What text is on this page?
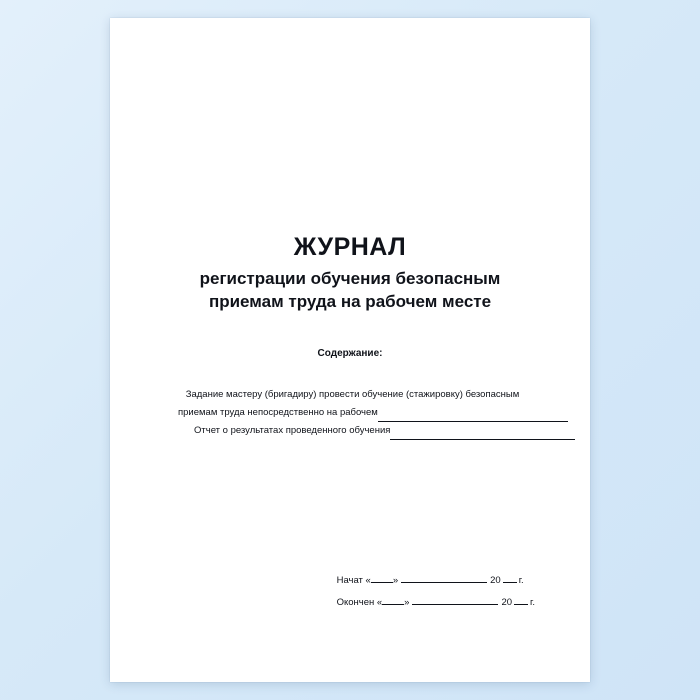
ЖУРНАЛ
регистрации обучения безопасным
приемам труда на рабочем месте
Содержание:
Задание мастеру (бригадиру) провести обучение (стажировку) безопасным
приемам труда непосредственно на рабочем
Отчет о результатах проведенного обучения
Начат « »	20 г.
Окончен « »	20 г.
